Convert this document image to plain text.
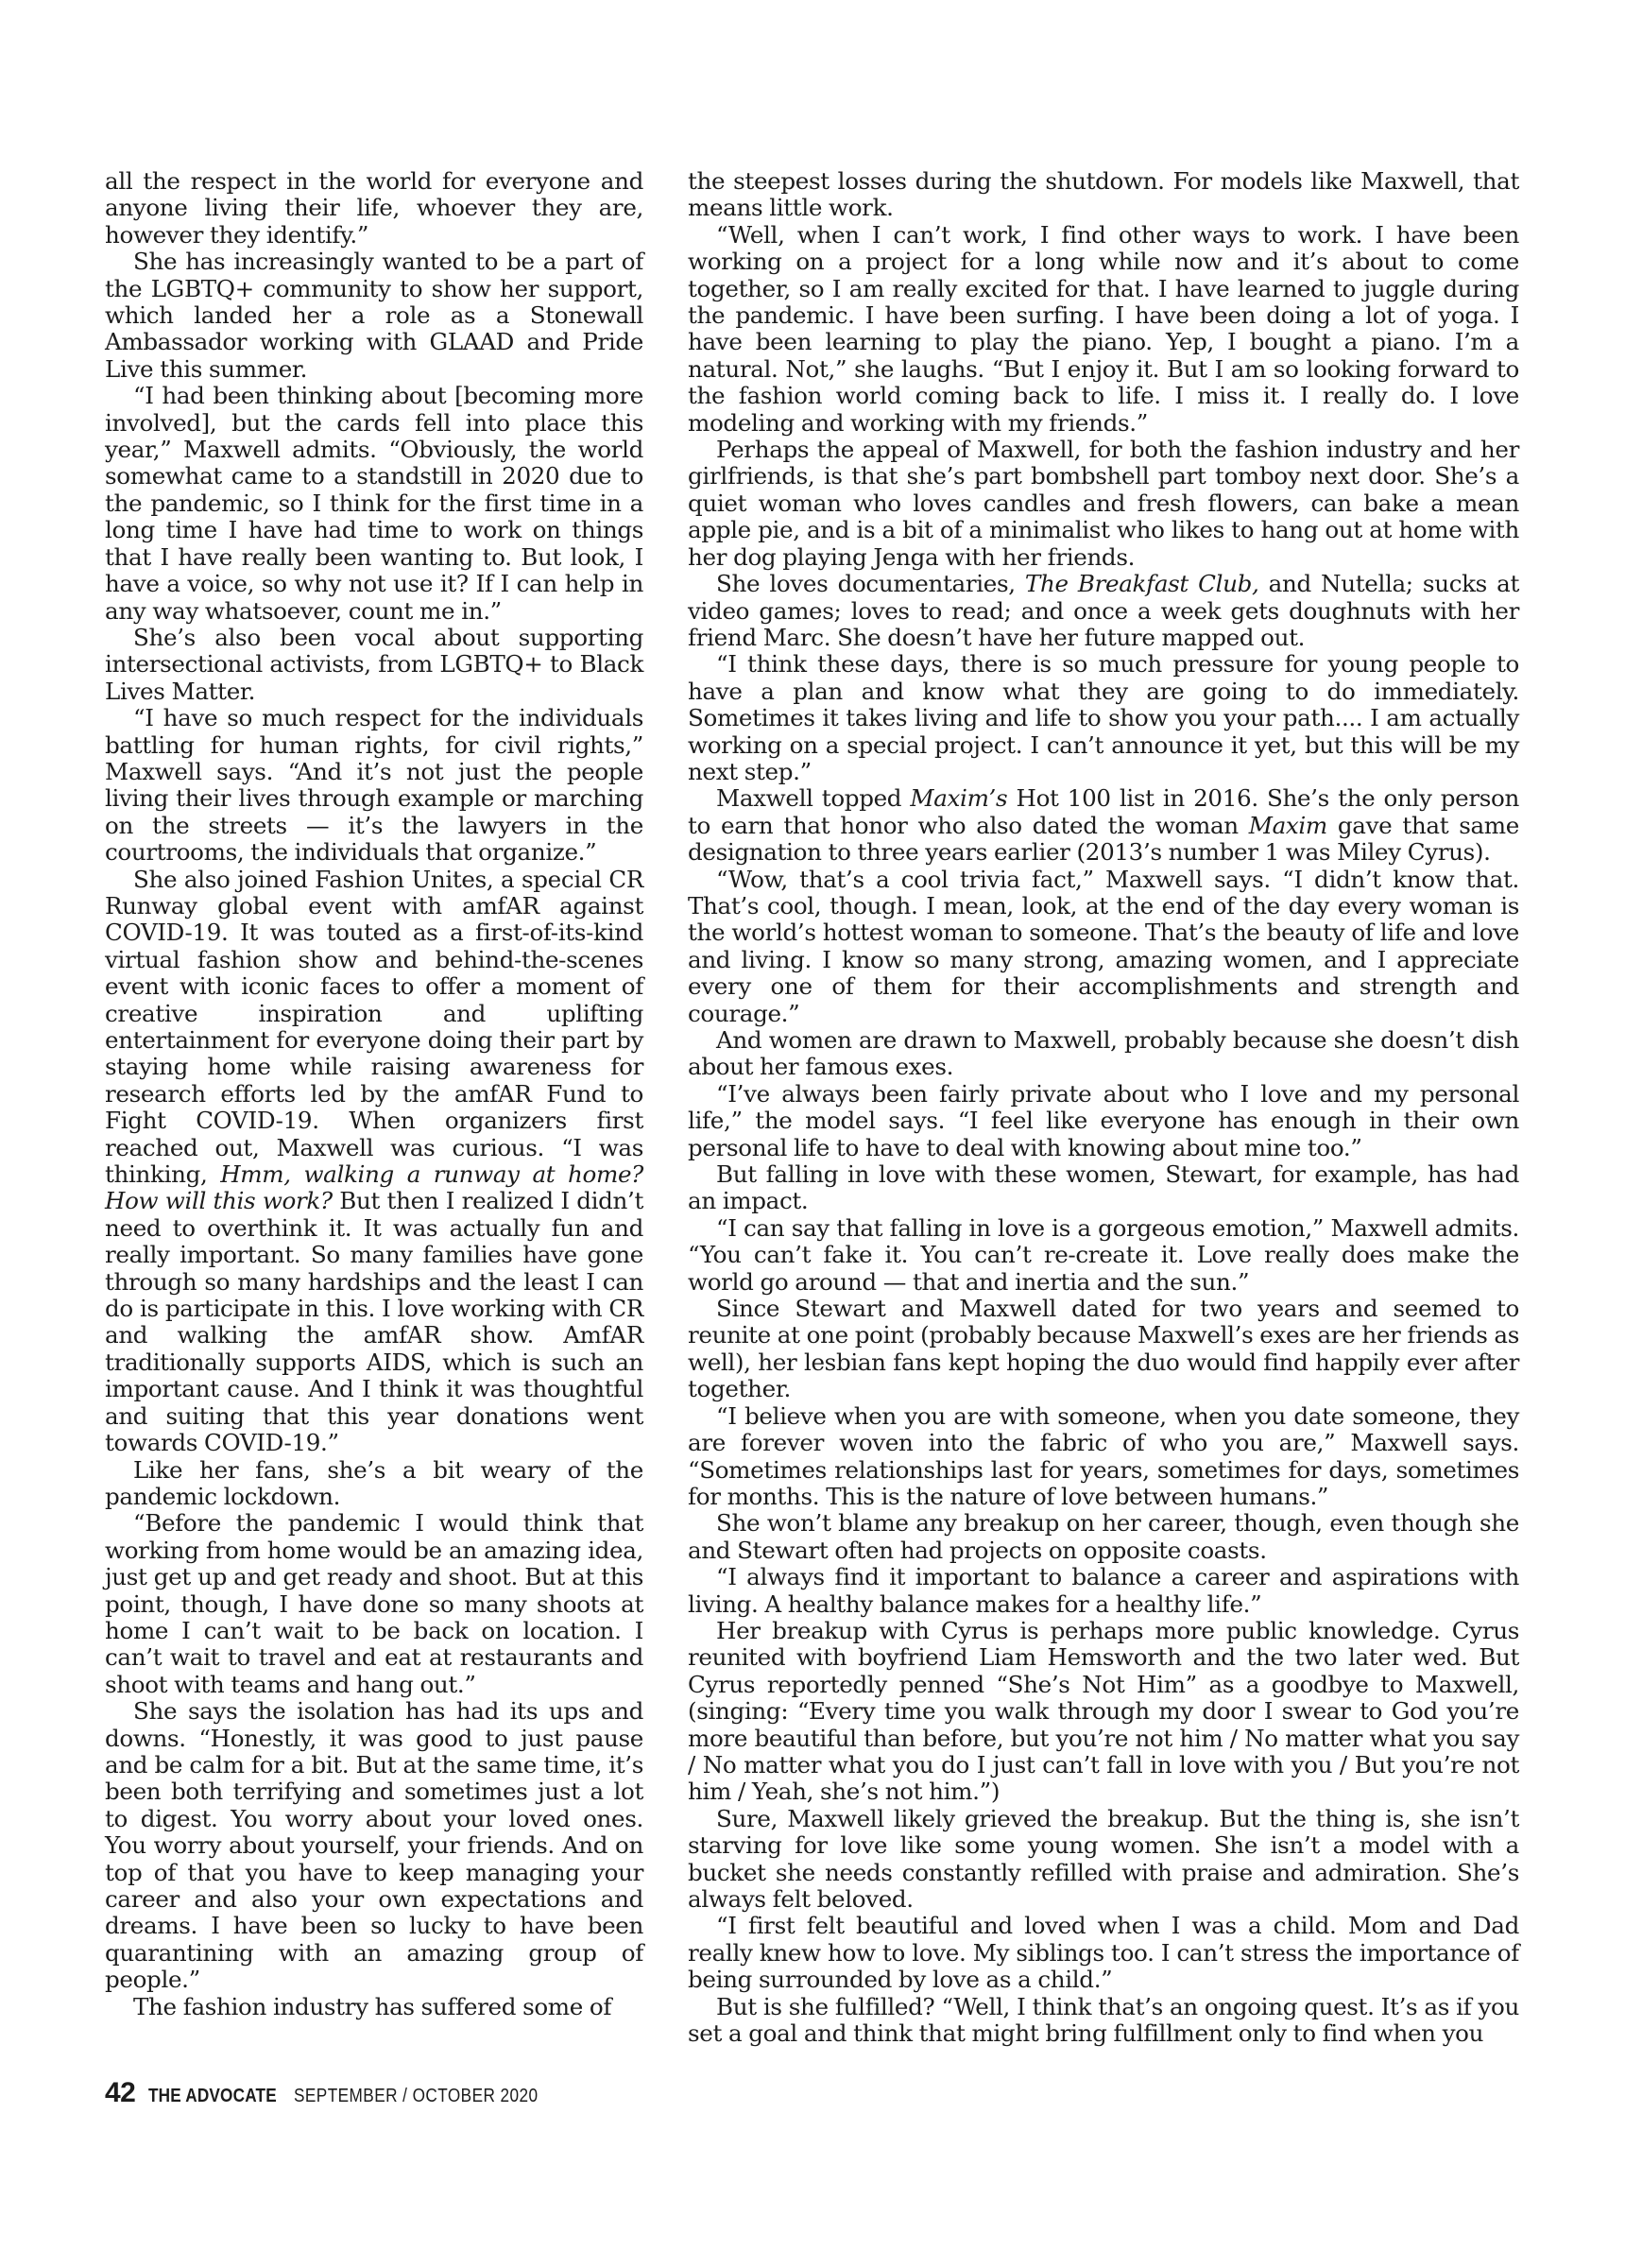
all the respect in the world for everyone and anyone living their life, whoever they are, however they identify.”

She has increasingly wanted to be a part of the LGBTQ+ community to show her support, which landed her a role as a Stonewall Ambassador working with GLAAD and Pride Live this summer.

“I had been thinking about [becoming more involved], but the cards fell into place this year,” Maxwell admits. “Obviously, the world somewhat came to a standstill in 2020 due to the pandemic, so I think for the first time in a long time I have had time to work on things that I have really been wanting to. But look, I have a voice, so why not use it? If I can help in any way whatsoever, count me in.”

She’s also been vocal about supporting intersectional activists, from LGBTQ+ to Black Lives Matter.

“I have so much respect for the individuals battling for human rights, for civil rights,” Maxwell says. “And it’s not just the people living their lives through example or marching on the streets — it’s the lawyers in the courtrooms, the individuals that organize.”

She also joined Fashion Unites, a special CR Runway global event with amfAR against COVID-19. It was touted as a first-of-its-kind virtual fashion show and behind-the-scenes event with iconic faces to offer a moment of creative inspiration and uplifting entertainment for everyone doing their part by staying home while raising awareness for research efforts led by the amfAR Fund to Fight COVID-19. When organizers first reached out, Maxwell was curious. “I was thinking, Hmm, walking a runway at home? How will this work? But then I realized I didn’t need to overthink it. It was actually fun and really important. So many families have gone through so many hardships and the least I can do is participate in this. I love working with CR and walking the amfAR show. AmfAR traditionally supports AIDS, which is such an important cause. And I think it was thoughtful and suiting that this year donations went towards COVID-19.”

Like her fans, she’s a bit weary of the pandemic lockdown.

“Before the pandemic I would think that working from home would be an amazing idea, just get up and get ready and shoot. But at this point, though, I have done so many shoots at home I can’t wait to be back on location. I can’t wait to travel and eat at restaurants and shoot with teams and hang out.”

She says the isolation has had its ups and downs. “Honestly, it was good to just pause and be calm for a bit. But at the same time, it’s been both terrifying and sometimes just a lot to digest. You worry about your loved ones. You worry about yourself, your friends. And on top of that you have to keep managing your career and also your own expectations and dreams. I have been so lucky to have been quarantining with an amazing group of people.”

The fashion industry has suffered some of

the steepest losses during the shutdown. For models like Maxwell, that means little work.

“Well, when I can’t work, I find other ways to work. I have been working on a project for a long while now and it’s about to come together, so I am really excited for that. I have learned to juggle during the pandemic. I have been surfing. I have been doing a lot of yoga. I have been learning to play the piano. Yep, I bought a piano. I’m a natural. Not,” she laughs. “But I enjoy it. But I am so looking forward to the fashion world coming back to life. I miss it. I really do. I love modeling and working with my friends.”

Perhaps the appeal of Maxwell, for both the fashion industry and her girlfriends, is that she’s part bombshell part tomboy next door. She’s a quiet woman who loves candles and fresh flowers, can bake a mean apple pie, and is a bit of a minimalist who likes to hang out at home with her dog playing Jenga with her friends.

She loves documentaries, The Breakfast Club, and Nutella; sucks at video games; loves to read; and once a week gets doughnuts with her friend Marc. She doesn’t have her future mapped out.

“I think these days, there is so much pressure for young people to have a plan and know what they are going to do immediately. Sometimes it takes living and life to show you your path.... I am actually working on a special project. I can’t announce it yet, but this will be my next step.”

Maxwell topped Maxim’s Hot 100 list in 2016. She’s the only person to earn that honor who also dated the woman Maxim gave that same designation to three years earlier (2013’s number 1 was Miley Cyrus).

“Wow, that’s a cool trivia fact,” Maxwell says. “I didn’t know that. That’s cool, though. I mean, look, at the end of the day every woman is the world’s hottest woman to someone. That’s the beauty of life and love and living. I know so many strong, amazing women, and I appreciate every one of them for their accomplishments and strength and courage.”

And women are drawn to Maxwell, probably because she doesn’t dish about her famous exes.

“I’ve always been fairly private about who I love and my personal life,” the model says. “I feel like everyone has enough in their own personal life to have to deal with knowing about mine too.”

But falling in love with these women, Stewart, for example, has had an impact.

“I can say that falling in love is a gorgeous emotion,” Maxwell admits. “You can’t fake it. You can’t re-create it. Love really does make the world go around — that and inertia and the sun.”

Since Stewart and Maxwell dated for two years and seemed to reunite at one point (probably because Maxwell’s exes are her friends as well), her lesbian fans kept hoping the duo would find happily ever after together.

“I believe when you are with someone, when you date someone, they are forever woven into the fabric of who you are,” Maxwell says. “Sometimes relationships last for years, sometimes for days, sometimes for months. This is the nature of love between humans.”

She won’t blame any breakup on her career, though, even though she and Stewart often had projects on opposite coasts.

“I always find it important to balance a career and aspirations with living. A healthy balance makes for a healthy life.”

Her breakup with Cyrus is perhaps more public knowledge. Cyrus reunited with boyfriend Liam Hemsworth and the two later wed. But Cyrus reportedly penned “She’s Not Him” as a goodbye to Maxwell, (singing: “Every time you walk through my door I swear to God you’re more beautiful than before, but you’re not him / No matter what you say / No matter what you do I just can’t fall in love with you / But you’re not him / Yeah, she’s not him.”)

Sure, Maxwell likely grieved the breakup. But the thing is, she isn’t starving for love like some young women. She isn’t a model with a bucket she needs constantly refilled with praise and admiration. She’s always felt beloved.

“I first felt beautiful and loved when I was a child. Mom and Dad really knew how to love. My siblings too. I can’t stress the importance of being surrounded by love as a child.”

But is she fulfilled? “Well, I think that’s an ongoing quest. It’s as if you set a goal and think that might bring fulfillment only to find when you

42 THE ADVOCATE SEPTEMBER / OCTOBER 2020
